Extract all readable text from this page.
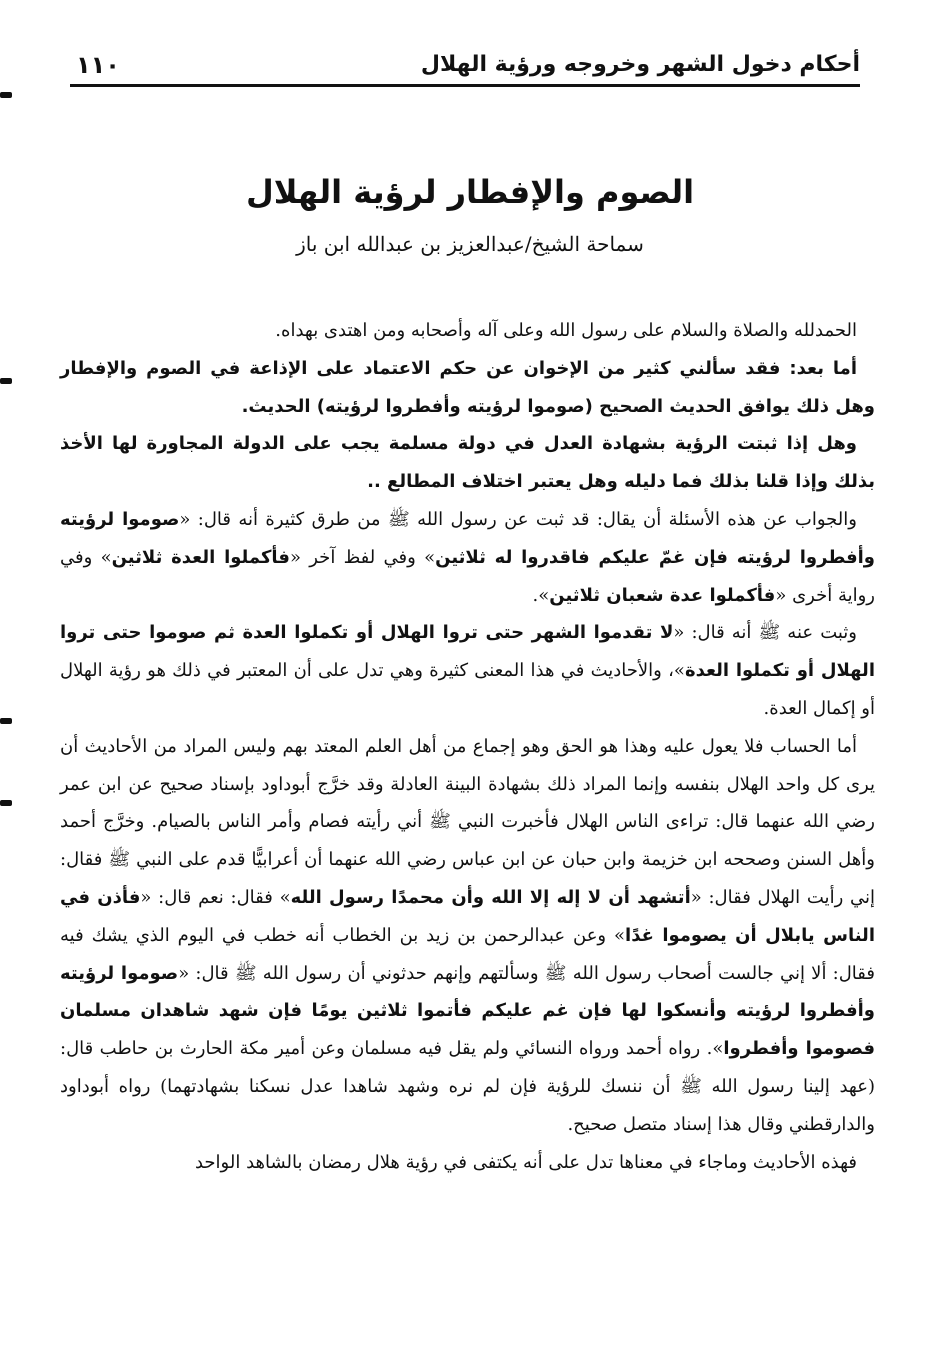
أحكام دخول الشهر وخروجه ورؤية الهلال
١١٠
الصوم والإفطار لرؤية الهلال
سماحة الشيخ/عبدالعزيز بن عبدالله ابن باز

الحمدلله والصلاة والسلام على رسول الله وعلى آله وأصحابه ومن اهتدى بهداه.

أما بعد: فقد سألني كثير من الإخوان عن حكم الاعتماد على الإذاعة في الصوم والإفطار وهل ذلك يوافق الحديث الصحيح (صوموا لرؤيته وأفطروا لرؤيته) الحديث.

وهل إذا ثبتت الرؤية بشهادة العدل في دولة مسلمة يجب على الدولة المجاورة لها الأخذ بذلك وإذا قلنا بذلك فما دليله وهل يعتبر اختلاف المطالع ..

والجواب عن هذه الأسئلة أن يقال: قد ثبت عن رسول الله ﷺ من طرق كثيرة أنه قال: «صوموا لرؤيته وأفطروا لرؤيته فإن غمّ عليكم فاقدروا له ثلاثين» وفي لفظ آخر «فأكملوا العدة ثلاثين» وفي رواية أخرى «فأكملوا عدة شعبان ثلاثين».

وثبت عنه ﷺ أنه قال: «لا تقدموا الشهر حتى تروا الهلال أو تكملوا العدة ثم صوموا حتى تروا الهلال أو تكملوا العدة»، والأحاديث في هذا المعنى كثيرة وهي تدل على أن المعتبر في ذلك هو رؤية الهلال أو إكمال العدة.

أما الحساب فلا يعول عليه وهذا هو الحق وهو إجماع من أهل العلم المعتد بهم وليس المراد من الأحاديث أن يرى كل واحد الهلال بنفسه وإنما المراد ذلك بشهادة البينة العادلة وقد خرَّج أبوداود بإسناد صحيح عن ابن عمر رضي الله عنهما قال: تراءى الناس الهلال فأخبرت النبي ﷺ أني رأيته فصام وأمر الناس بالصيام. وخرَّج أحمد وأهل السنن وصححه ابن خزيمة وابن حبان عن ابن عباس رضي الله عنهما أن أعرابيًّا قدم على النبي ﷺ فقال: إني رأيت الهلال فقال: «أتشهد أن لا إله إلا الله وأن محمدًا رسول الله» فقال: نعم قال: «فأذن في الناس يابلال أن يصوموا غدًا» وعن عبدالرحمن بن زيد بن الخطاب أنه خطب في اليوم الذي يشك فيه فقال: ألا إني جالست أصحاب رسول الله ﷺ وسألتهم وإنهم حدثوني أن رسول الله ﷺ قال: «صوموا لرؤيته وأفطروا لرؤيته وأنسكوا لها فإن غم عليكم فأتموا ثلاثين يومًا فإن شهد شاهدان مسلمان فصوموا وأفطروا». رواه أحمد ورواه النسائي ولم يقل فيه مسلمان وعن أمير مكة الحارث بن حاطب قال: (عهد إلينا رسول الله ﷺ أن ننسك للرؤية فإن لم نره وشهد شاهدا عدل نسكنا بشهادتهما) رواه أبوداود والدارقطني وقال هذا إسناد متصل صحيح.

فهذه الأحاديث وماجاء في معناها تدل على أنه يكتفى في رؤية هلال رمضان بالشاهد الواحد
